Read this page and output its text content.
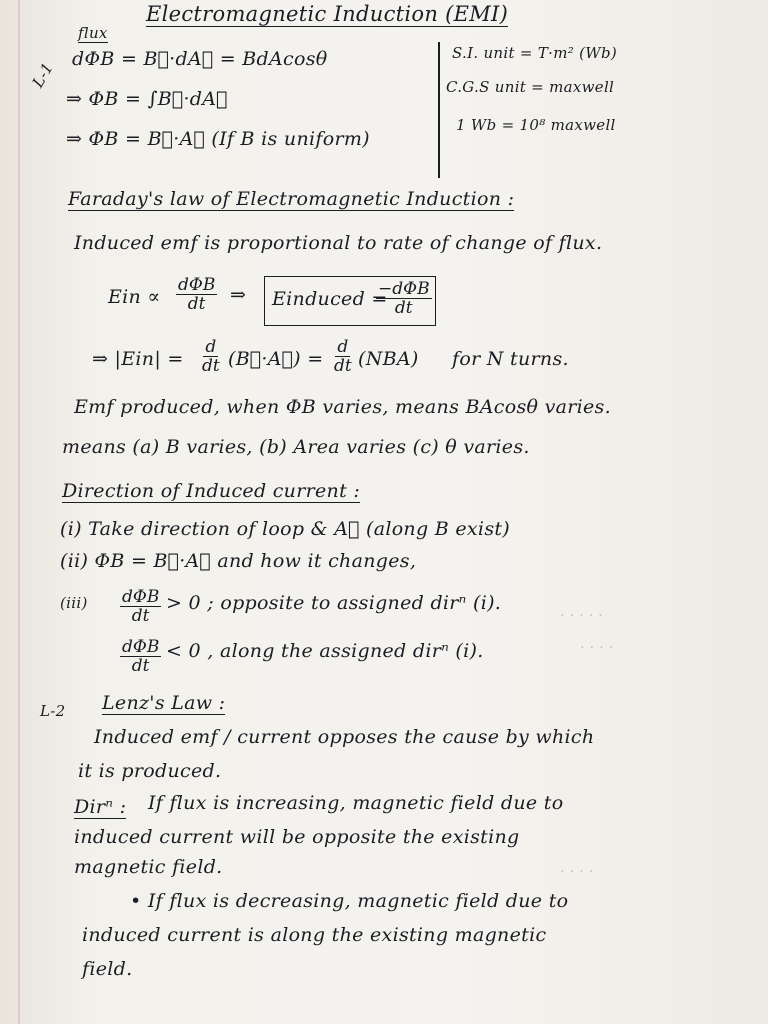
· · · · ·
· · · ·
· · · ·
Electromagnetic Induction (EMI)
flux
L-1
dΦB = B⃗·dA⃗ = BdAcosθ
⇒ ΦB = ∫B⃗·dA⃗
⇒ ΦB = B⃗·A⃗ (If B is uniform)
S.I. unit = T·m² (Wb)
C.G.S unit = maxwell
1 Wb = 10⁸ maxwell
Faraday's law of Electromagnetic Induction :
Induced emf is proportional to rate of change of flux.
Ein ∝
dΦB
dt ⇒ Einduced =
−dΦB
dt
⇒ $|Ein| = \frac{d}{dt}$ (B⃗·A⃗) = $\frac{d}{dt} (NBA)$ for N turns.
Emf produced, when ΦB varies, means BAcosθ varies.
means (a) B varies, (b) Area varies (c) θ varies.
Direction of Induced current :
(i) Take direction of loop & A⃗ (along B exist)
(ii) ΦB = B⃗·A⃗ and how it changes,
(iii) dΦB
dt
> 0 ; opposite to assigned dirⁿ (i).
dΦB
dt
< 0 , along the assigned dirⁿ (i).
L-2 Lenz's Law :
Induced emf / current opposes the cause by which
it is produced.
Dirⁿ : If flux is increasing, magnetic field due to
induced current will be opposite the existing
magnetic field.
• If flux is decreasing, magnetic field due to
induced current is along the existing magnetic
field.
